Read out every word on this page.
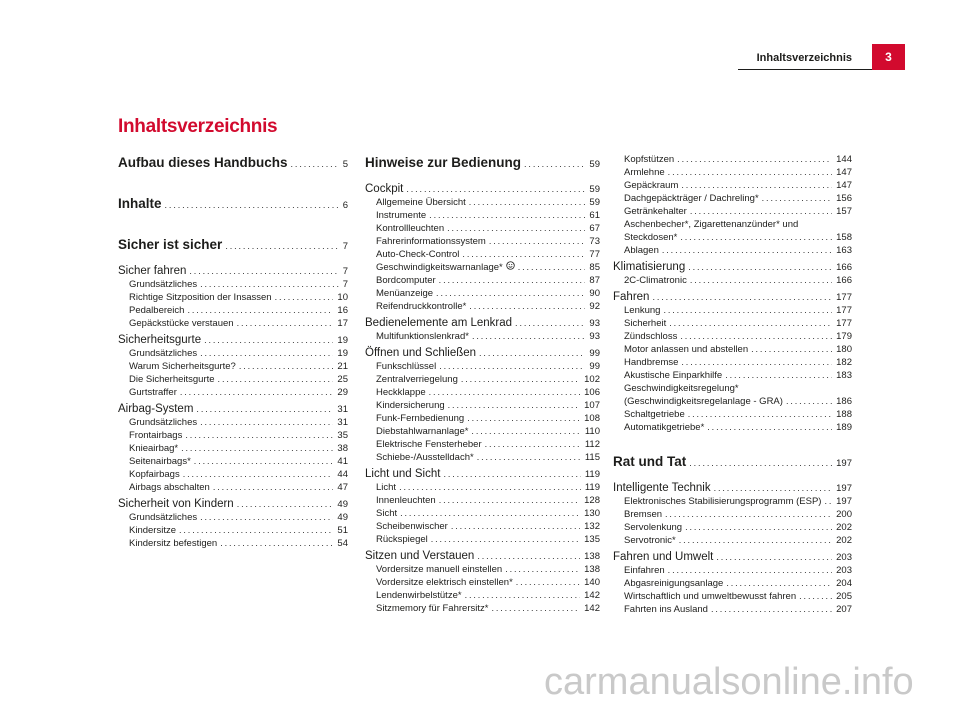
Inhaltsverzeichnis	3
Inhaltsverzeichnis
Aufbau dieses Handbuchs .....	5
Inhalte .....	6
Sicher ist sicher .....	7
Sicher fahren .....	7
Grundsätzliches .....	7
Richtige Sitzposition der Insassen .....	10
Pedalbereich .....	16
Gepäckstücke verstauen .....	17
Sicherheitsgurte .....	19
Grundsätzliches .....	19
Warum Sicherheitsgurte? .....	21
Die Sicherheitsgurte .....	25
Gurtstraffer .....	29
Airbag-System .....	31
Grundsätzliches .....	31
Frontairbags .....	35
Knieairbag* .....	38
Seitenairbags* .....	41
Kopfairbags .....	44
Airbags abschalten .....	47
Sicherheit von Kindern .....	49
Grundsätzliches .....	49
Kindersitze .....	51
Kindersitz befestigen .....	54
Hinweise zur Bedienung .....	59
Cockpit .....	59
Allgemeine Übersicht .....	59
Instrumente .....	61
Kontrollleuchten .....	67
Fahrerinformationssystem .....	73
Auto-Check-Control .....	77
Geschwindigkeitswarnanlage* .....	85
Bordcomputer .....	87
Menüanzeige .....	90
Reifendruckkontrolle* .....	92
Bedienelemente am Lenkrad .....	93
Multifunktionslenkrad* .....	93
Öffnen und Schließen .....	99
Funkschlüssel .....	99
Zentralverriegelung .....	102
Heckklappe .....	106
Kindersicherung .....	107
Funk-Fernbedienung .....	108
Diebstahlwarnanlage* .....	110
Elektrische Fensterheber .....	112
Schiebe-/Ausstelldach* .....	115
Licht und Sicht .....	119
Licht .....	119
Innenleuchten .....	128
Sicht .....	130
Scheibenwischer .....	132
Rückspiegel .....	135
Sitzen und Verstauen .....	138
Vordersitze manuell einstellen .....	138
Vordersitze elektrisch einstellen* .....	140
Lendenwirbelstütze* .....	142
Sitzmemory für Fahrersitz* .....	142
Kopfstützen .....	144
Armlehne .....	147
Gepäckraum .....	147
Dachgepäckträger / Dachreling* .....	156
Getränkehalter .....	157
Aschenbecher*, Zigarettenanzünder* und
Steckdosen* .....	158
Ablagen .....	163
Klimatisierung .....	166
2C-Climatronic .....	166
Fahren .....	177
Lenkung .....	177
Sicherheit .....	177
Zündschloss .....	179
Motor anlassen und abstellen .....	180
Handbremse .....	182
Akustische Einparkhilfe .....	183
Geschwindigkeitsregelung*
(Geschwindigkeitsregelanlage - GRA) .....	186
Schaltgetriebe .....	188
Automatikgetriebe* .....	189
Rat und Tat .....	197
Intelligente Technik .....	197
Elektronisches Stabilisierungsprogramm (ESP) ..... 197
Bremsen .....	200
Servolenkung .....	202
Servotronic* .....	202
Fahren und Umwelt .....	203
Einfahren .....	203
Abgasreinigungsanlage .....	204
Wirtschaftlich und umweltbewusst fahren .....	205
Fahrten ins Ausland .....	207
carmanualsonline.info
